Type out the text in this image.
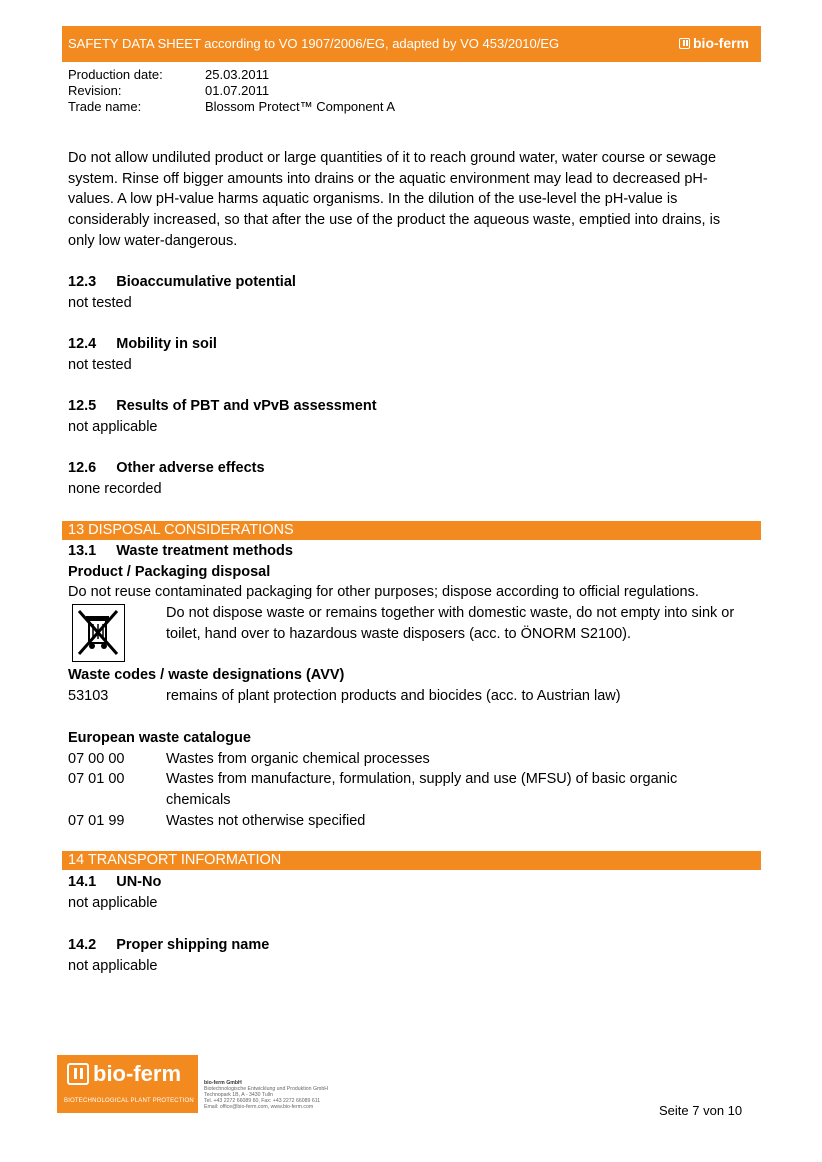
SAFETY DATA SHEET according to VO 1907/2006/EG, adapted by VO 453/2010/EG	bio-ferm
Production date:	25.03.2011
Revision:	01.07.2011
Trade name:	Blossom Protect™ Component A
Do not allow undiluted product or large quantities of it to reach ground water, water course or sewage
system. Rinse off bigger amounts into drains or the aquatic environment may lead to decreased pH-
values. A low pH-value harms aquatic organisms. In the dilution of the use-level the pH-value is
considerably increased, so that after the use of the product the aqueous waste, emptied into drains, is
only low water-dangerous.
12.3 Bioaccumulative potential
not tested
12.4 Mobility in soil
not tested
12.5 Results of PBT and vPvB assessment
not applicable
12.6 Other adverse effects
none recorded
13 DISPOSAL CONSIDERATIONS
13.1 Waste treatment methods
Product / Packaging disposal
Do not reuse contaminated packaging for other purposes; dispose according to official regulations.
Do not dispose waste or remains together with domestic waste, do not empty into sink or
toilet, hand over to hazardous waste disposers (acc. to ÖNORM S2100).
Waste codes / waste designations (AVV)
53103	remains of plant protection products and biocides (acc. to Austrian law)
European waste catalogue
07 00 00	Wastes from organic chemical processes
07 01 00	Wastes from manufacture, formulation, supply and use (MFSU) of basic organic
chemicals
07 01 99	Wastes not otherwise specified
14 TRANSPORT INFORMATION
14.1 UN-No
not applicable
14.2 Proper shipping name
not applicable
bio-ferm
BIOTECHNOLOGICAL PLANT PROTECTION
bio-ferm GmbH
Biotechnologische Entwicklung und Produktion GmbH
Technopark 1B, A - 3430 Tulln
Tel. +43 2272 66089 60, Fax: +43 2272 66089 611
Email: office@bio-ferm.com, www.bio-ferm.com	Seite 7 von 10
